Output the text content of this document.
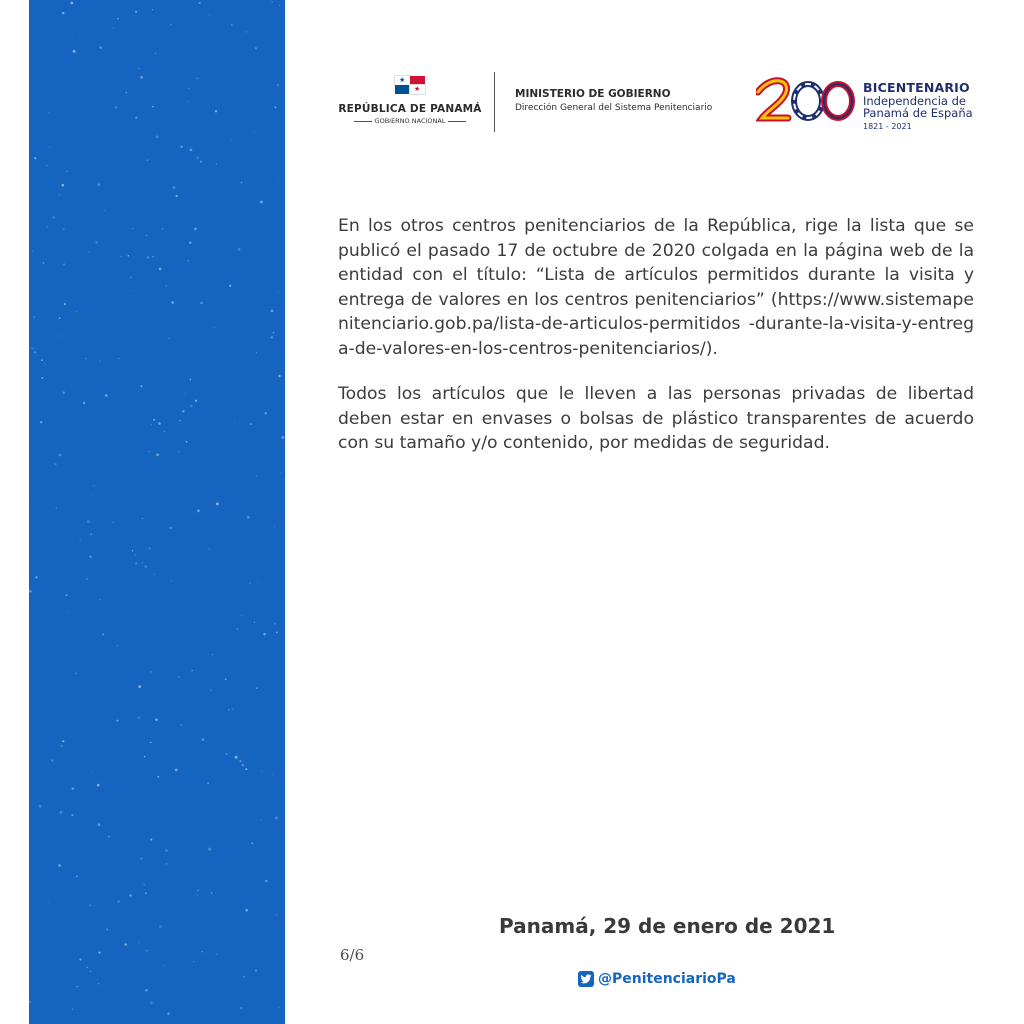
★
★
REPÚBLICA DE PANAMÁ
GOBIERNO NACIONAL
MINISTERIO DE GOBIERNO
Dirección General del Sistema Penitenciario
BICENTENARIO
Independencia de
Panamá de España
1821 - 2021

En los otros centros penitenciarios de la República, rige la lista que se publicó el pasado 17 de octubre de 2020 colgada en la página web de la entidad con el título: “Lista de artículos permitidos durante la visita y entrega de valores en los centros penitenciarios” (https://www.sistemapenitenciario.gob.pa/lista-de-articulos-permitidos -durante-la-visita-y-entrega-de-valores-en-los-centros-penitenciarios/).

Todos los artículos que le lleven a las personas privadas de libertad deben estar en envases o bolsas de plástico transparentes de acuerdo con su tamaño y/o contenido, por medidas de seguridad.

Panamá, 29 de enero de 2021
6/6
@PenitenciarioPa
